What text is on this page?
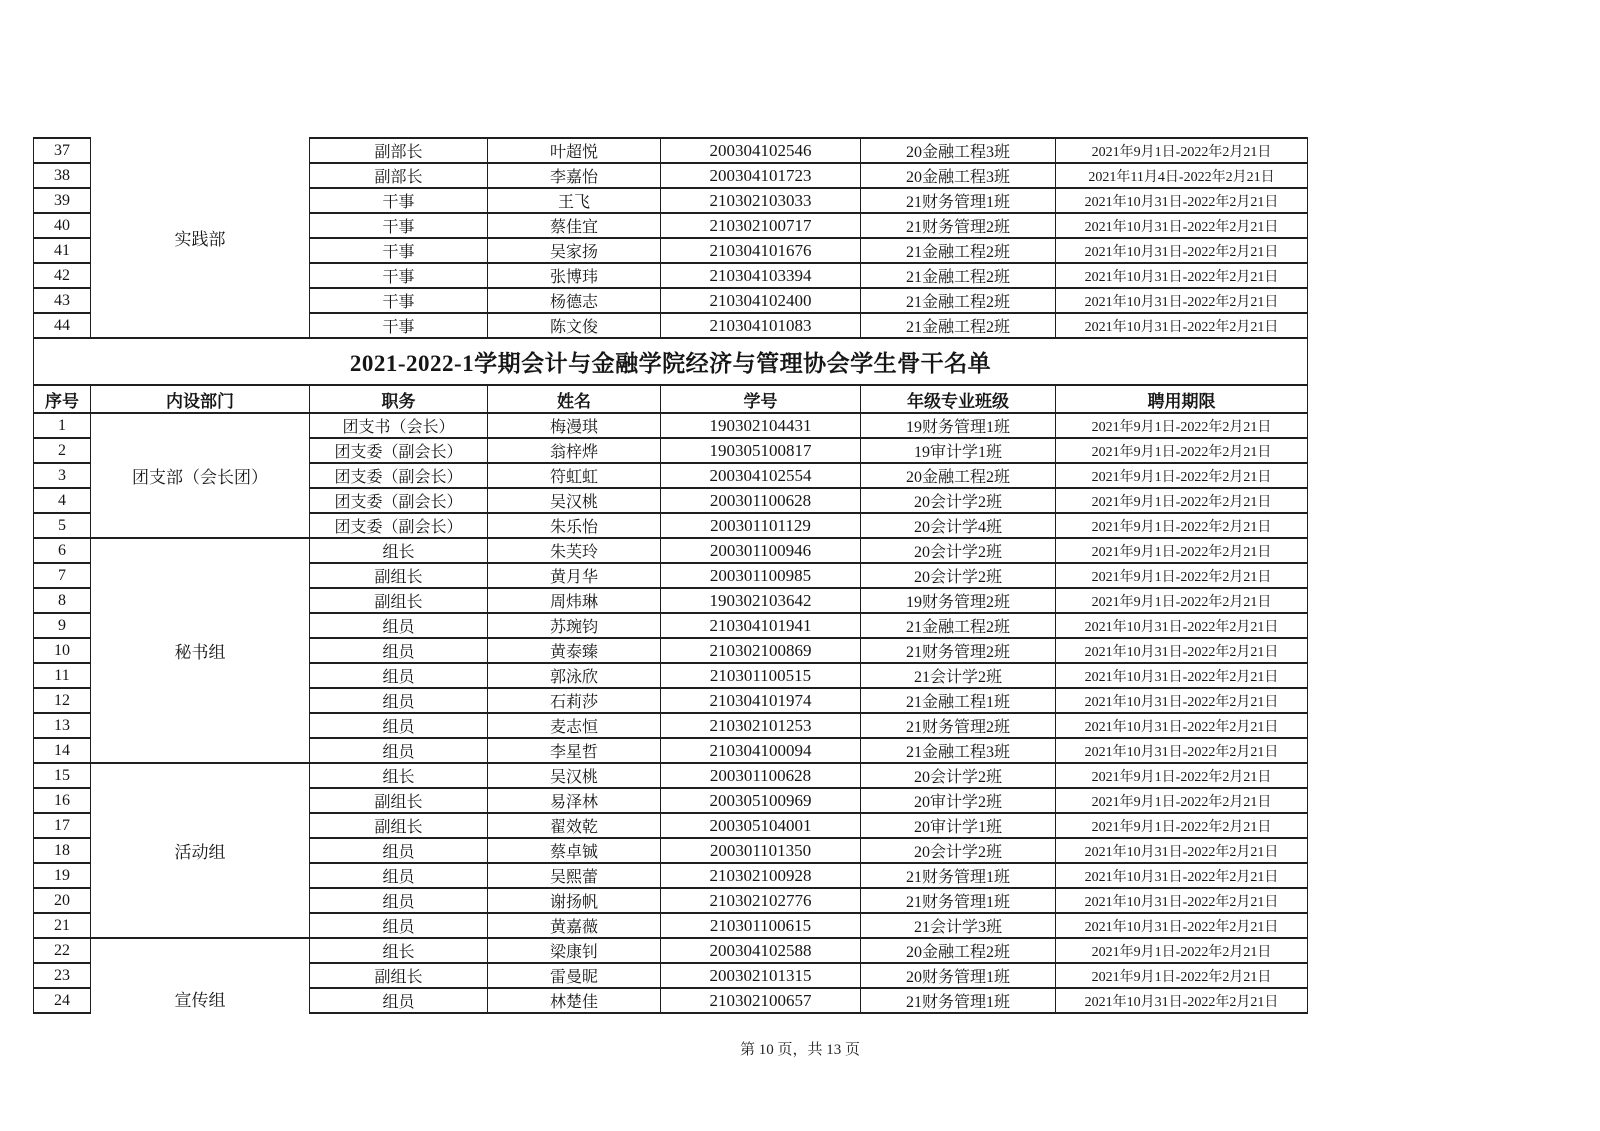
37	实践部	副部长	叶超悦	200304102546	20金融工程3班	2021年9月1日-2022年2月21日
38		副部长	李嘉怡	200304101723	20金融工程3班	2021年11月4日-2022年2月21日
39		干事	王飞	210302103033	21财务管理1班	2021年10月31日-2022年2月21日
40		干事	蔡佳宜	210302100717	21财务管理2班	2021年10月31日-2022年2月21日
41		干事	吴家扬	210304101676	21金融工程2班	2021年10月31日-2022年2月21日
42		干事	张博玮	210304103394	21金融工程2班	2021年10月31日-2022年2月21日
43		干事	杨德志	210304102400	21金融工程2班	2021年10月31日-2022年2月21日
44		干事	陈文俊	210304101083	21金融工程2班	2021年10月31日-2022年2月21日
2021-2022-1学期会计与金融学院经济与管理协会学生骨干名单						
序号	内设部门	职务	姓名	学号	年级专业班级	聘用期限
1	团支部（会长团）	团支书（会长）	梅漫琪	190302104431	19财务管理1班	2021年9月1日-2022年2月21日
2		团支委（副会长）	翁梓烨	190305100817	19审计学1班	2021年9月1日-2022年2月21日
3		团支委（副会长）	符虹虹	200304102554	20金融工程2班	2021年9月1日-2022年2月21日
4		团支委（副会长）	吴汉桃	200301100628	20会计学2班	2021年9月1日-2022年2月21日
5		团支委（副会长）	朱乐怡	200301101129	20会计学4班	2021年9月1日-2022年2月21日
6	秘书组	组长	朱芙玲	200301100946	20会计学2班	2021年9月1日-2022年2月21日
7		副组长	黄月华	200301100985	20会计学2班	2021年9月1日-2022年2月21日
8		副组长	周炜琳	190302103642	19财务管理2班	2021年9月1日-2022年2月21日
9		组员	苏琬钧	210304101941	21金融工程2班	2021年10月31日-2022年2月21日
10		组员	黄泰臻	210302100869	21财务管理2班	2021年10月31日-2022年2月21日
11		组员	郭泳欣	210301100515	21会计学2班	2021年10月31日-2022年2月21日
12		组员	石莉莎	210304101974	21金融工程1班	2021年10月31日-2022年2月21日
13		组员	麦志恒	210302101253	21财务管理2班	2021年10月31日-2022年2月21日
14		组员	李星哲	210304100094	21金融工程3班	2021年10月31日-2022年2月21日
15	活动组	组长	吴汉桃	200301100628	20会计学2班	2021年9月1日-2022年2月21日
16		副组长	易泽林	200305100969	20审计学2班	2021年9月1日-2022年2月21日
17		副组长	翟效乾	200305104001	20审计学1班	2021年9月1日-2022年2月21日
18		组员	蔡卓铖	200301101350	20会计学2班	2021年10月31日-2022年2月21日
19		组员	吴熙蕾	210302100928	21财务管理1班	2021年10月31日-2022年2月21日
20		组员	谢扬帆	210302102776	21财务管理1班	2021年10月31日-2022年2月21日
21		组员	黄嘉薇	210301100615	21会计学3班	2021年10月31日-2022年2月21日
22	宣传组	组长	梁康钊	200304102588	20金融工程2班	2021年9月1日-2022年2月21日
23		副组长	雷曼昵	200302101315	20财务管理1班	2021年9月1日-2022年2月21日
24		组员	林楚佳	210302100657	21财务管理1班	2021年10月31日-2022年2月21日
第 10 页，共 13 页
